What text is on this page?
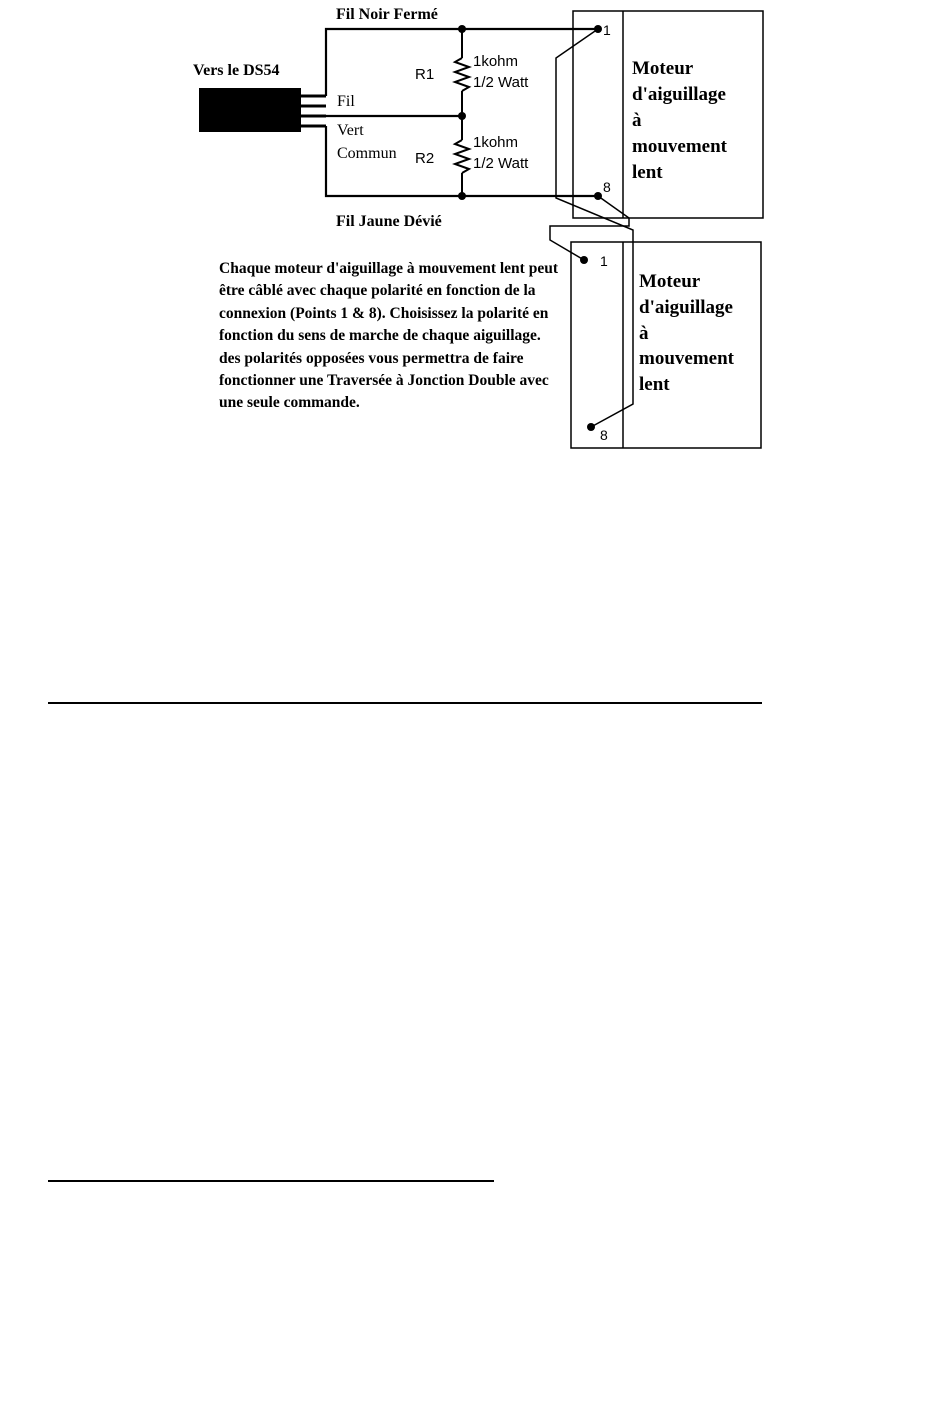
Fil Noir Fermé
Vers le DS54
Fil
Vert
Commun
Fil Jaune Dévié
R1
1kohm
1/2 Watt
R2
1kohm
1/2 Watt
1
8
Moteur
d'aiguillage
à
mouvement
lent
1
8
Moteur
d'aiguillage
à
mouvement
lent

Chaque moteur d'aiguillage à mouvement lent peut être câblé avec chaque polarité en fonction de la connexion (Points 1 & 8). Choisissez la polarité en fonction du sens de marche de chaque aiguillage. des polarités opposées vous permettra de faire fonctionner une Traversée à Jonction Double avec une seule commande.
